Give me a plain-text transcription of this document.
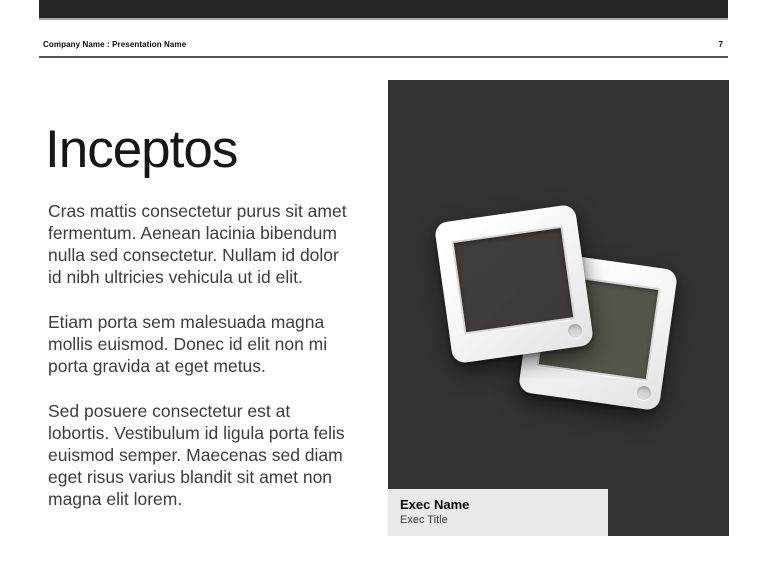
Company Name : Presentation Name	7
Inceptos

Cras mattis consectetur purus sit amet
fermentum. Aenean lacinia bibendum
nulla sed consectetur. Nullam id dolor
id nibh ultricies vehicula ut id elit.

Etiam porta sem malesuada magna
mollis euismod. Donec id elit non mi
porta gravida at eget metus.

Sed posuere consectetur est at
lobortis. Vestibulum id ligula porta felis
euismod semper. Maecenas sed diam
eget risus varius blandit sit amet non
magna elit lorem.	Exec Name
Exec Title
